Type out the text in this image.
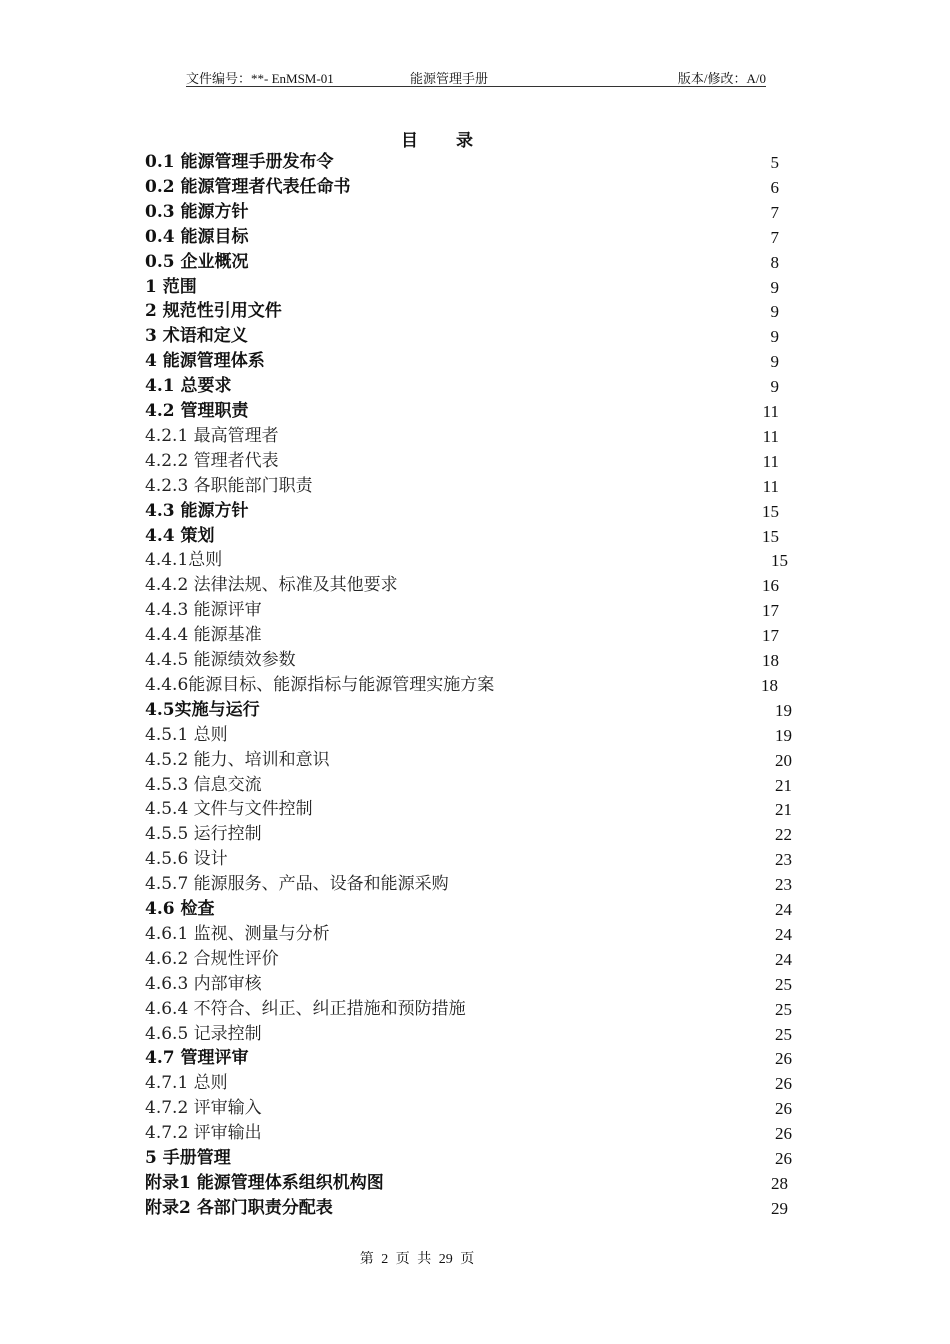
文件编号：**- EnMSM-01	能源管理手册	版本/修改：A/0
目 录
0.1 能源管理手册发布令	5
0.2 能源管理者代表任命书	6
0.3 能源方针	7
0.4 能源目标	7
0.5 企业概况	8
1 范围	9
2 规范性引用文件	9
3 术语和定义	9
4 能源管理体系	9
4.1 总要求	9
4.2 管理职责	11
4.2.1 最高管理者	11
4.2.2 管理者代表	11
4.2.3 各职能部门职责	11
4.3 能源方针	15
4.4 策划	15
4.4.1总则	15
4.4.2 法律法规、标准及其他要求	16
4.4.3 能源评审	17
4.4.4 能源基准	17
4.4.5 能源绩效参数	18
4.4.6能源目标、能源指标与能源管理实施方案	18
4.5实施与运行	19
4.5.1 总则	19
4.5.2 能力、培训和意识	20
4.5.3 信息交流	21
4.5.4 文件与文件控制	21
4.5.5 运行控制	22
4.5.6 设计	23
4.5.7 能源服务、产品、设备和能源采购	23
4.6 检查	24
4.6.1 监视、测量与分析	24
4.6.2 合规性评价	24
4.6.3 内部审核	25
4.6.4 不符合、纠正、纠正措施和预防措施	25
4.6.5 记录控制	25
4.7 管理评审	26
4.7.1 总则	26
4.7.2 评审输入	26
4.7.2 评审输出	26
5 手册管理	26
附录1 能源管理体系组织机构图	28
附录2 各部门职责分配表	29
第 2 页 共 29 页
